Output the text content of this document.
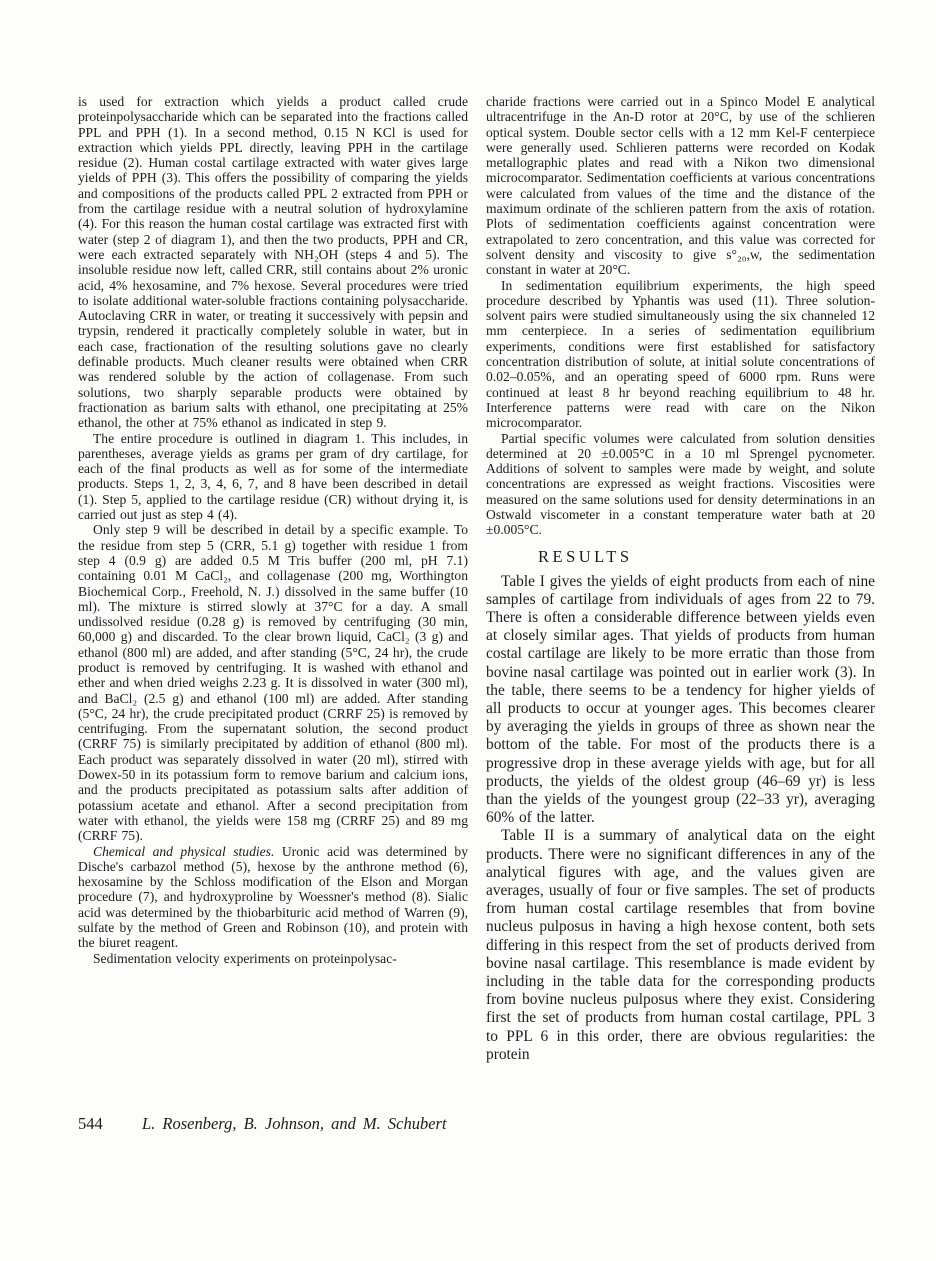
is used for extraction which yields a product called crude proteinpolysaccharide which can be separated into the fractions called PPL and PPH (1). In a second method, 0.15 N KCl is used for extraction which yields PPL directly, leaving PPH in the cartilage residue (2). Human costal cartilage extracted with water gives large yields of PPH (3). This offers the possibility of comparing the yields and compositions of the products called PPL 2 extracted from PPH or from the cartilage residue with a neutral solution of hydroxylamine (4). For this reason the human costal cartilage was extracted first with water (step 2 of diagram 1), and then the two products, PPH and CR, were each extracted separately with NH₂OH (steps 4 and 5). The insoluble residue now left, called CRR, still contains about 2% uronic acid, 4% hexosamine, and 7% hexose. Several procedures were tried to isolate additional water-soluble fractions containing polysaccharide. Autoclaving CRR in water, or treating it successively with pepsin and trypsin, rendered it practically completely soluble in water, but in each case, fractionation of the resulting solutions gave no clearly definable products. Much cleaner results were obtained when CRR was rendered soluble by the action of collagenase. From such solutions, two sharply separable products were obtained by fractionation as barium salts with ethanol, one precipitating at 25% ethanol, the other at 75% ethanol as indicated in step 9.

The entire procedure is outlined in diagram 1. This includes, in parentheses, average yields as grams per gram of dry cartilage, for each of the final products as well as for some of the intermediate products. Steps 1, 2, 3, 4, 6, 7, and 8 have been described in detail (1). Step 5, applied to the cartilage residue (CR) without drying it, is carried out just as step 4 (4).

Only step 9 will be described in detail by a specific example. To the residue from step 5 (CRR, 5.1 g) together with residue 1 from step 4 (0.9 g) are added 0.5 M Tris buffer (200 ml, pH 7.1) containing 0.01 M CaCl₂, and collagenase (200 mg, Worthington Biochemical Corp., Freehold, N. J.) dissolved in the same buffer (10 ml). The mixture is stirred slowly at 37°C for a day. A small undissolved residue (0.28 g) is removed by centrifuging (30 min, 60,000 g) and discarded. To the clear brown liquid, CaCl₂ (3 g) and ethanol (800 ml) are added, and after standing (5°C, 24 hr), the crude product is removed by centrifuging. It is washed with ethanol and ether and when dried weighs 2.23 g. It is dissolved in water (300 ml), and BaCl₂ (2.5 g) and ethanol (100 ml) are added. After standing (5°C, 24 hr), the crude precipitated product (CRRF 25) is removed by centrifuging. From the supernatant solution, the second product (CRRF 75) is similarly precipitated by addition of ethanol (800 ml). Each product was separately dissolved in water (20 ml), stirred with Dowex-50 in its potassium form to remove barium and calcium ions, and the products precipitated as potassium salts after addition of potassium acetate and ethanol. After a second precipitation from water with ethanol, the yields were 158 mg (CRRF 25) and 89 mg (CRRF 75).

Chemical and physical studies. Uronic acid was determined by Dische's carbazol method (5), hexose by the anthrone method (6), hexosamine by the Schloss modification of the Elson and Morgan procedure (7), and hydroxyproline by Woessner's method (8). Sialic acid was determined by the thiobarbituric acid method of Warren (9), sulfate by the method of Green and Robinson (10), and protein with the biuret reagent.

Sedimentation velocity experiments on proteinpolysac-

charide fractions were carried out in a Spinco Model E analytical ultracentrifuge in the An-D rotor at 20°C, by use of the schlieren optical system. Double sector cells with a 12 mm Kel-F centerpiece were generally used. Schlieren patterns were recorded on Kodak metallographic plates and read with a Nikon two dimensional microcomparator. Sedimentation coefficients at various concentrations were calculated from values of the time and the distance of the maximum ordinate of the schlieren pattern from the axis of rotation. Plots of sedimentation coefficients against concentration were extrapolated to zero concentration, and this value was corrected for solvent density and viscosity to give s°₂₀,w, the sedimentation constant in water at 20°C.

In sedimentation equilibrium experiments, the high speed procedure described by Yphantis was used (11). Three solution-solvent pairs were studied simultaneously using the six channeled 12 mm centerpiece. In a series of sedimentation equilibrium experiments, conditions were first established for satisfactory concentration distribution of solute, at initial solute concentrations of 0.02–0.05%, and an operating speed of 6000 rpm. Runs were continued at least 8 hr beyond reaching equilibrium to 48 hr. Interference patterns were read with care on the Nikon microcomparator.

Partial specific volumes were calculated from solution densities determined at 20 ±0.005°C in a 10 ml Sprengel pycnometer. Additions of solvent to samples were made by weight, and solute concentrations are expressed as weight fractions. Viscosities were measured on the same solutions used for density determinations in an Ostwald viscometer in a constant temperature water bath at 20 ±0.005°C.

RESULTS

Table I gives the yields of eight products from each of nine samples of cartilage from individuals of ages from 22 to 79. There is often a considerable difference between yields even at closely similar ages. That yields of products from human costal cartilage are likely to be more erratic than those from bovine nasal cartilage was pointed out in earlier work (3). In the table, there seems to be a tendency for higher yields of all products to occur at younger ages. This becomes clearer by averaging the yields in groups of three as shown near the bottom of the table. For most of the products there is a progressive drop in these average yields with age, but for all products, the yields of the oldest group (46–69 yr) is less than the yields of the youngest group (22–33 yr), averaging 60% of the latter.

Table II is a summary of analytical data on the eight products. There were no significant differences in any of the analytical figures with age, and the values given are averages, usually of four or five samples. The set of products from human costal cartilage resembles that from bovine nucleus pulposus in having a high hexose content, both sets differing in this respect from the set of products derived from bovine nasal cartilage. This resemblance is made evident by including in the table data for the corresponding products from bovine nucleus pulposus where they exist. Considering first the set of products from human costal cartilage, PPL 3 to PPL 6 in this order, there are obvious regularities: the protein

544 L. Rosenberg, B. Johnson, and M. Schubert
